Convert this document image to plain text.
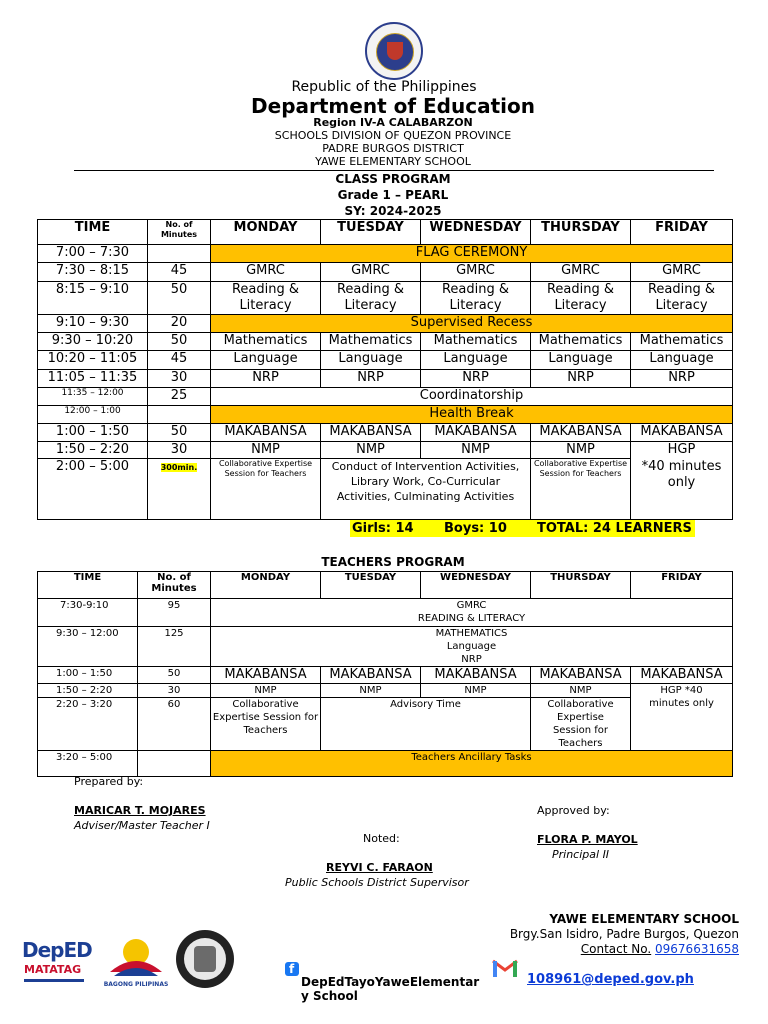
Republic of the Philippines
Department of Education
Region IV-A CALABARZON
SCHOOLS DIVISION OF QUEZON PROVINCE
PADRE BURGOS DISTRICT
YAWE ELEMENTARY SCHOOL
CLASS PROGRAM
Grade 1 – PEARL
SY: 2024-2025
TIME	No. of Minutes	MONDAY	TUESDAY	WEDNESDAY	THURSDAY	FRIDAY
7:00 – 7:30		FLAG CEREMONY				
7:30 – 8:15	45	GMRC	GMRC	GMRC	GMRC	GMRC
8:15 – 9:10	50	Reading & Literacy	Reading & Literacy	Reading & Literacy	Reading & Literacy	Reading & Literacy
9:10 – 9:30	20	Supervised Recess				
9:30 – 10:20	50	Mathematics	Mathematics	Mathematics	Mathematics	Mathematics
10:20 – 11:05	45	Language	Language	Language	Language	Language
11:05 – 11:35	30	NRP	NRP	NRP	NRP	NRP
11:35 – 12:00	25	Coordinatorship				
12:00 – 1:00		Health Break				
1:00 – 1:50	50	MAKABANSA	MAKABANSA	MAKABANSA	MAKABANSA	MAKABANSA
1:50 – 2:20	30	NMP	NMP	NMP	NMP	HGP
2:00 – 5:00	300min.	Collaborative Expertise Session for Teachers	Conduct of Intervention Activities, Library Work, Co-Curricular Activities, Culminating Activities		Collaborative Expertise Session for Teachers	*40 minutes only
Girls: 14 Boys: 10 TOTAL: 24 LEARNERS
TEACHERS PROGRAM
TIME	No. of Minutes	MONDAY	TUESDAY	WEDNESDAY	THURSDAY	FRIDAY
7:30-9:10	95	GMRC
READING & LITERACY				

9:30 – 12:00	125	MATHEMATICS
Language
NRP				

1:00 – 1:50	50	MAKABANSA	MAKABANSA	MAKABANSA	MAKABANSA	MAKABANSA
1:50 – 2:20	30	NMP	NMP	NMP	NMP	HGP *40 minutes only
2:20 – 3:20	60	Collaborative Expertise Session for Teachers	Advisory Time		Collaborative Expertise Session for Teachers	
3:20 – 5:00		Teachers Ancillary Tasks				
Prepared by:
MARICAR T. MOJARES
Adviser/Master Teacher I
Approved by:
FLORA P. MAYOL
Principal II
Noted:
REYVI C. FARAON
Public Schools District Supervisor
YAWE ELEMENTARY SCHOOL
Brgy.San Isidro, Padre Burgos, Quezon
Contact No. 09676631658
DepED
MATATAG
BAGONG PILIPINAS
f
DepEdTayoYaweElementar
y School
108961@deped.gov.ph
